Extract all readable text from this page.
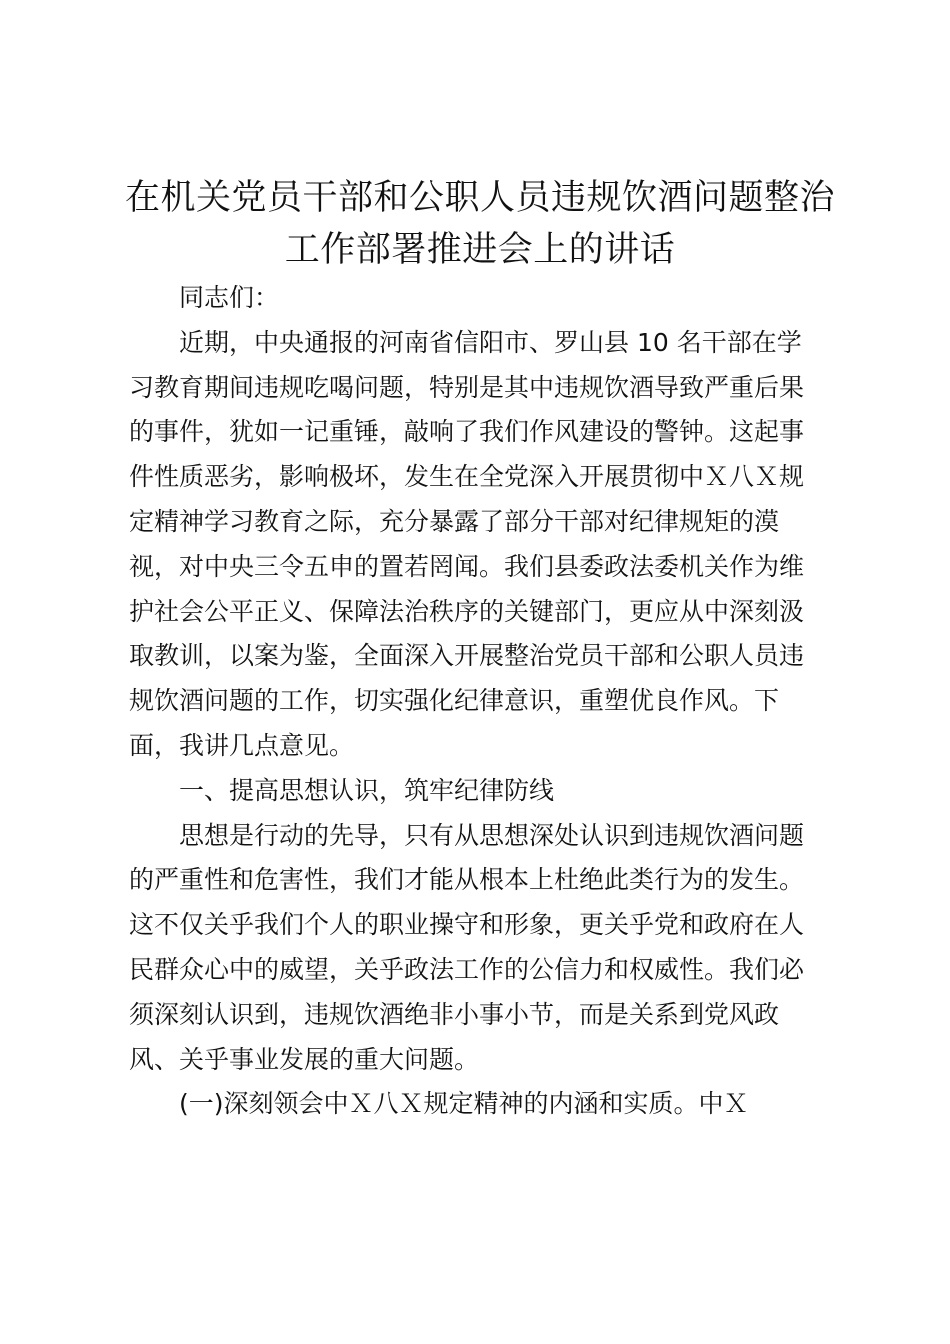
在机关党员干部和公职人员违规饮酒问题整治
工作部署推进会上的讲话
同志们：
近期，中央通报的河南省信阳市、罗山县 10 名干部在学
习教育期间违规吃喝问题，特别是其中违规饮酒导致严重后果
的事件，犹如一记重锤，敲响了我们作风建设的警钟。这起事
件性质恶劣，影响极坏，发生在全党深入开展贯彻中Ｘ八Ｘ规
定精神学习教育之际，充分暴露了部分干部对纪律规矩的漠
视，对中央三令五申的置若罔闻。我们县委政法委机关作为维
护社会公平正义、保障法治秩序的关键部门，更应从中深刻汲
取教训，以案为鉴，全面深入开展整治党员干部和公职人员违
规饮酒问题的工作，切实强化纪律意识，重塑优良作风。下
面，我讲几点意见。
一、提高思想认识，筑牢纪律防线
思想是行动的先导，只有从思想深处认识到违规饮酒问题
的严重性和危害性，我们才能从根本上杜绝此类行为的发生。
这不仅关乎我们个人的职业操守和形象，更关乎党和政府在人
民群众心中的威望，关乎政法工作的公信力和权威性。我们必
须深刻认识到，违规饮酒绝非小事小节，而是关系到党风政
风、关乎事业发展的重大问题。
(一)深刻领会中Ｘ八Ｘ规定精神的内涵和实质。中Ｘ
